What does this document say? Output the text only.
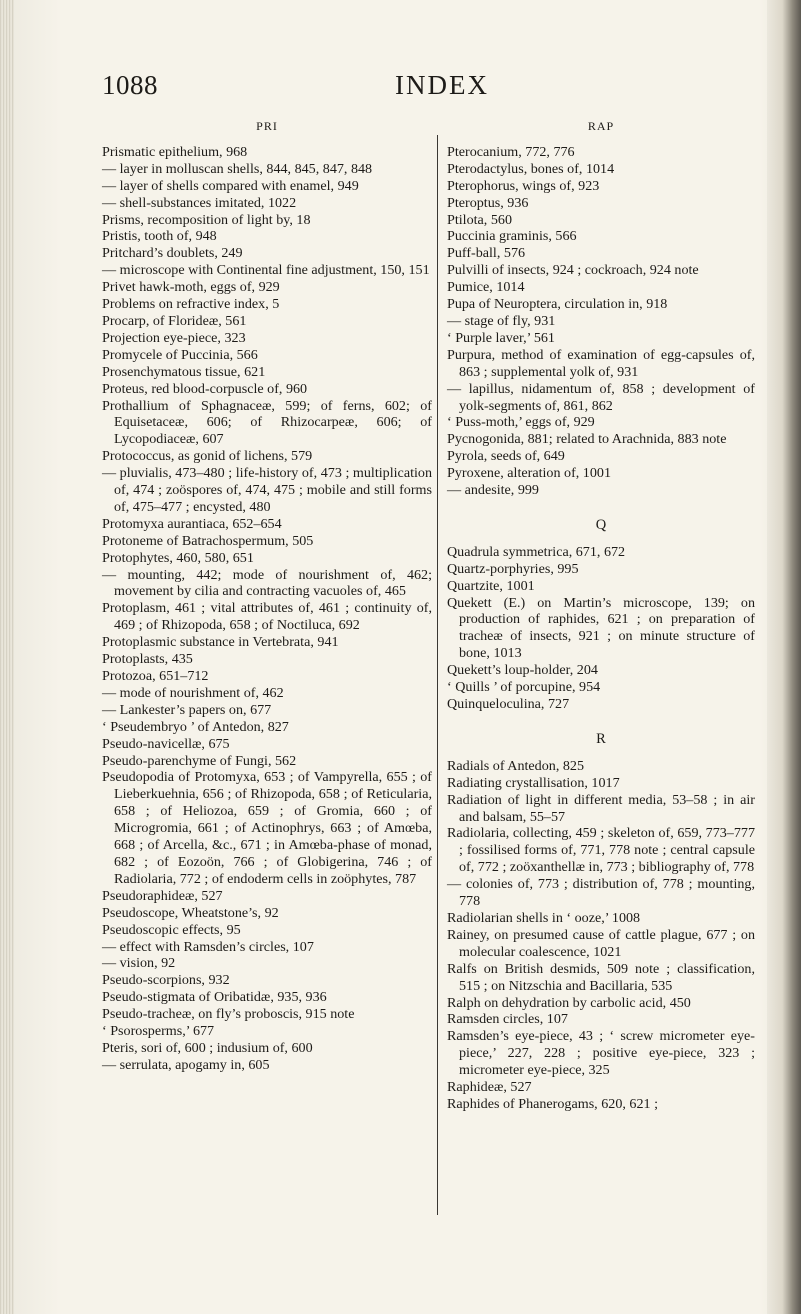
1088	INDEX
PRI
Prismatic epithelium, 968
— layer in molluscan shells, 844, 845, 847, 848
— layer of shells compared with enamel, 949
— shell-substances imitated, 1022
Prisms, recomposition of light by, 18
Pristis, tooth of, 948
Pritchard’s doublets, 249
— microscope with Continental fine adjustment, 150, 151
Privet hawk-moth, eggs of, 929
Problems on refractive index, 5
Procarp, of Florideæ, 561
Projection eye-piece, 323
Promycele of Puccinia, 566
Prosenchymatous tissue, 621
Proteus, red blood-corpuscle of, 960
Prothallium of Sphagnaceæ, 599; of ferns, 602; of Equisetaceæ, 606; of Rhizocarpeæ, 606; of Lycopodiaceæ, 607
Protococcus, as gonid of lichens, 579
— pluvialis, 473–480 ; life-history of, 473 ; multiplication of, 474 ; zoöspores of, 474, 475 ; mobile and still forms of, 475–477 ; encysted, 480
Protomyxa aurantiaca, 652–654
Protoneme of Batrachospermum, 505
Protophytes, 460, 580, 651
— mounting, 442; mode of nourishment of, 462; movement by cilia and contracting vacuoles of, 465
Protoplasm, 461 ; vital attributes of, 461 ; continuity of, 469 ; of Rhizopoda, 658 ; of Noctiluca, 692
Protoplasmic substance in Vertebrata, 941
Protoplasts, 435
Protozoa, 651–712
— mode of nourishment of, 462
— Lankester’s papers on, 677
‘ Pseudembryo ’ of Antedon, 827
Pseudo-navicellæ, 675
Pseudo-parenchyme of Fungi, 562
Pseudopodia of Protomyxa, 653 ; of Vampyrella, 655 ; of Lieberkuehnia, 656 ; of Rhizopoda, 658 ; of Reticularia, 658 ; of Heliozoa, 659 ; of Gromia, 660 ; of Microgromia, 661 ; of Actinophrys, 663 ; of Amœba, 668 ; of Arcella, &c., 671 ; in Amœba-phase of monad, 682 ; of Eozoön, 766 ; of Globigerina, 746 ; of Radiolaria, 772 ; of endoderm cells in zoöphytes, 787
Pseudoraphideæ, 527
Pseudoscope, Wheatstone’s, 92
Pseudoscopic effects, 95
— effect with Ramsden’s circles, 107
— vision, 92
Pseudo-scorpions, 932
Pseudo-stigmata of Oribatidæ, 935, 936
Pseudo-tracheæ, on fly’s proboscis, 915 note
‘ Psorosperms,’ 677
Pteris, sori of, 600 ; indusium of, 600
— serrulata, apogamy in, 605
RAP
Pterocanium, 772, 776
Pterodactylus, bones of, 1014
Pterophorus, wings of, 923
Pteroptus, 936
Ptilota, 560
Puccinia graminis, 566
Puff-ball, 576
Pulvilli of insects, 924 ; cockroach, 924 note
Pumice, 1014
Pupa of Neuroptera, circulation in, 918
— stage of fly, 931
‘ Purple laver,’ 561
Purpura, method of examination of egg-capsules of, 863 ; supplemental yolk of, 931
— lapillus, nidamentum of, 858 ; development of yolk-segments of, 861, 862
‘ Puss-moth,’ eggs of, 929
Pycnogonida, 881; related to Arachnida, 883 note
Pyrola, seeds of, 649
Pyroxene, alteration of, 1001
— andesite, 999
Q
Quadrula symmetrica, 671, 672
Quartz-porphyries, 995
Quartzite, 1001
Quekett (E.) on Martin’s microscope, 139; on production of raphides, 621 ; on preparation of tracheæ of insects, 921 ; on minute structure of bone, 1013
Quekett’s loup-holder, 204
‘ Quills ’ of porcupine, 954
Quinqueloculina, 727
R
Radials of Antedon, 825
Radiating crystallisation, 1017
Radiation of light in different media, 53–58 ; in air and balsam, 55–57
Radiolaria, collecting, 459 ; skeleton of, 659, 773–777 ; fossilised forms of, 771, 778 note ; central capsule of, 772 ; zoöxanthellæ in, 773 ; bibliography of, 778
— colonies of, 773 ; distribution of, 778 ; mounting, 778
Radiolarian shells in ‘ ooze,’ 1008
Rainey, on presumed cause of cattle plague, 677 ; on molecular coalescence, 1021
Ralfs on British desmids, 509 note ; classification, 515 ; on Nitzschia and Bacillaria, 535
Ralph on dehydration by carbolic acid, 450
Ramsden circles, 107
Ramsden’s eye-piece, 43 ; ‘ screw micrometer eye-piece,’ 227, 228 ; positive eye-piece, 323 ; micrometer eye-piece, 325
Raphideæ, 527
Raphides of Phanerogams, 620, 621 ;
